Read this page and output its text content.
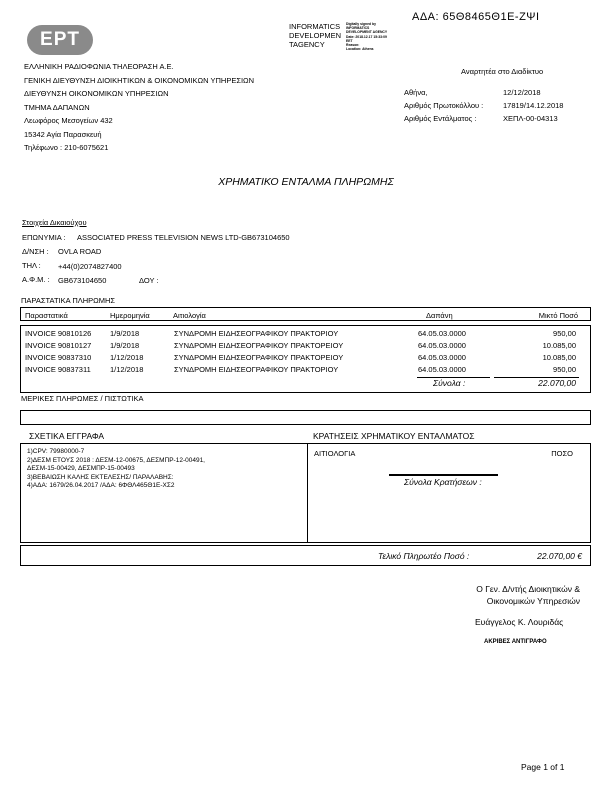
ΕΡΤ
INFORMATICS
DEVELOPMEN
TAGENCY
Digitally signed by
INFORMATICS
DEVELOPMENT AGENCY
Date: 2018.12.17 15:33:09
EET
Reason:
Location: Athens
ΑΔΑ: 65Θ8465Θ1Ε-ΖΨΙ
ΕΛΛΗΝΙΚΗ ΡΑΔΙΟΦΩΝΙΑ ΤΗΛΕΟΡΑΣΗ Α.Ε.
ΓΕΝΙΚΗ ΔΙΕΥΘΥΝΣΗ ΔΙΟΙΚΗΤΙΚΩΝ & ΟΙΚΟΝΟΜΙΚΩΝ ΥΠΗΡΕΣΙΩΝ
ΔΙΕΥΘΥΝΣΗ ΟΙΚΟΝΟΜΙΚΩΝ ΥΠΗΡΕΣΙΩΝ
ΤΜΗΜΑ ΔΑΠΑΝΩΝ
Λεωφόρος Μεσογείων 432
15342 Αγία Παρασκευή
Τηλέφωνο : 210-6075621
Αναρτητέα στο Διαδίκτυο
Αθήνα,	12/12/2018
Αριθμός Πρωτοκόλλου :	17819/14.12.2018
Αριθμός Εντάλματος :	ΧΕΠΛ-00-04313
ΧΡΗΜΑΤΙΚΟ ΕΝΤΑΛΜΑ ΠΛΗΡΩΜΗΣ
Στοιχεία Δικαιούχου
ΕΠΩΝΥΜΙΑ : ASSOCIATED PRESS TELEVISION NEWS LTD-GB673104650
Δ/ΝΣΗ : OVLA ROAD
ΤΗΛ : +44(0)2074827400
Α.Φ.Μ. : GB673104650	ΔΟΥ :
ΠΑΡΑΣΤΑΤΙΚΑ ΠΛΗΡΩΜΗΣ
Παραστατικά	Ημερομηνία	Αιτιολογία	Δαπάνη	Μικτό Ποσό
INVOICE 90810126 1/9/2018	ΣΥΝΔΡΟΜΗ ΕΙΔΗΣΕΟΓΡΑΦΙΚΟΥ ΠΡΑΚΤΟΡΙΟΥ	64.05.03.0000	950,00
INVOICE 90810127 1/9/2018	ΣΥΝΔΡΟΜΗ ΕΙΔΗΣΕΟΓΡΑΦΙΚΟΥ ΠΡΑΚΤΟΡΕΙΟΥ	64.05.03.0000	10.085,00
INVOICE 90837310 1/12/2018	ΣΥΝΔΡΟΜΗ ΕΙΔΗΣΕΟΓΡΑΦΙΚΟΥ ΠΡΑΚΤΟΡΕΙΟΥ	64.05.03.0000	10.085,00
INVOICE 90837311	1/12/2018	ΣΥΝΔΡΟΜΗ ΕΙΔΗΣΕΟΓΡΑΦΙΚΟΥ ΠΡΑΚΤΟΡΙΟΥ	64.05.03.0000	950,00
Σύνολα :	22.070,00
ΜΕΡΙΚΕΣ ΠΛΗΡΩΜΕΣ / ΠΙΣΤΩΤΙΚΑ
ΣΧΕΤΙΚΑ ΕΓΓΡΑΦΑ	ΚΡΑΤΗΣΕΙΣ ΧΡΗΜΑΤΙΚΟΥ ΕΝΤΑΛΜΑΤΟΣ
1)CPV: 79980000-7
2)ΔΕΣΜ ΕΤΟΥΣ 2018 : ΔΕΣΜ-12-00675, ΔΕΣΜΠΡ-12-00491,
ΔΕΣΜ-15-00429, ΔΕΣΜΠΡ-15-00493
3)ΒΕΒΑΙΩΣΗ ΚΑΛΗΣ ΕΚΤΕΛΕΣΗΣ/ ΠΑΡΑΛΑΒΗΣ:
4)ΑΔΑ: 1679/26.04.2017 /ΑΔΑ: 6ΦΘΛ465Θ1Ε-ΧΣ2
ΑΙΤΙΟΛΟΓΙΑ	ΠΟΣΟ
Σύνολα Κρατήσεων :
Τελικό Πληρωτέο Ποσό :	22.070,00 €
Ο Γεν. Δ/ντής Διοικητικών &
Οικονομικών Υπηρεσιών
Ευάγγελος Κ. Λουριδάς
ΑΚΡΙΒΕΣ ΑΝΤΙΓΡΑΦΟ
Page 1 of 1
